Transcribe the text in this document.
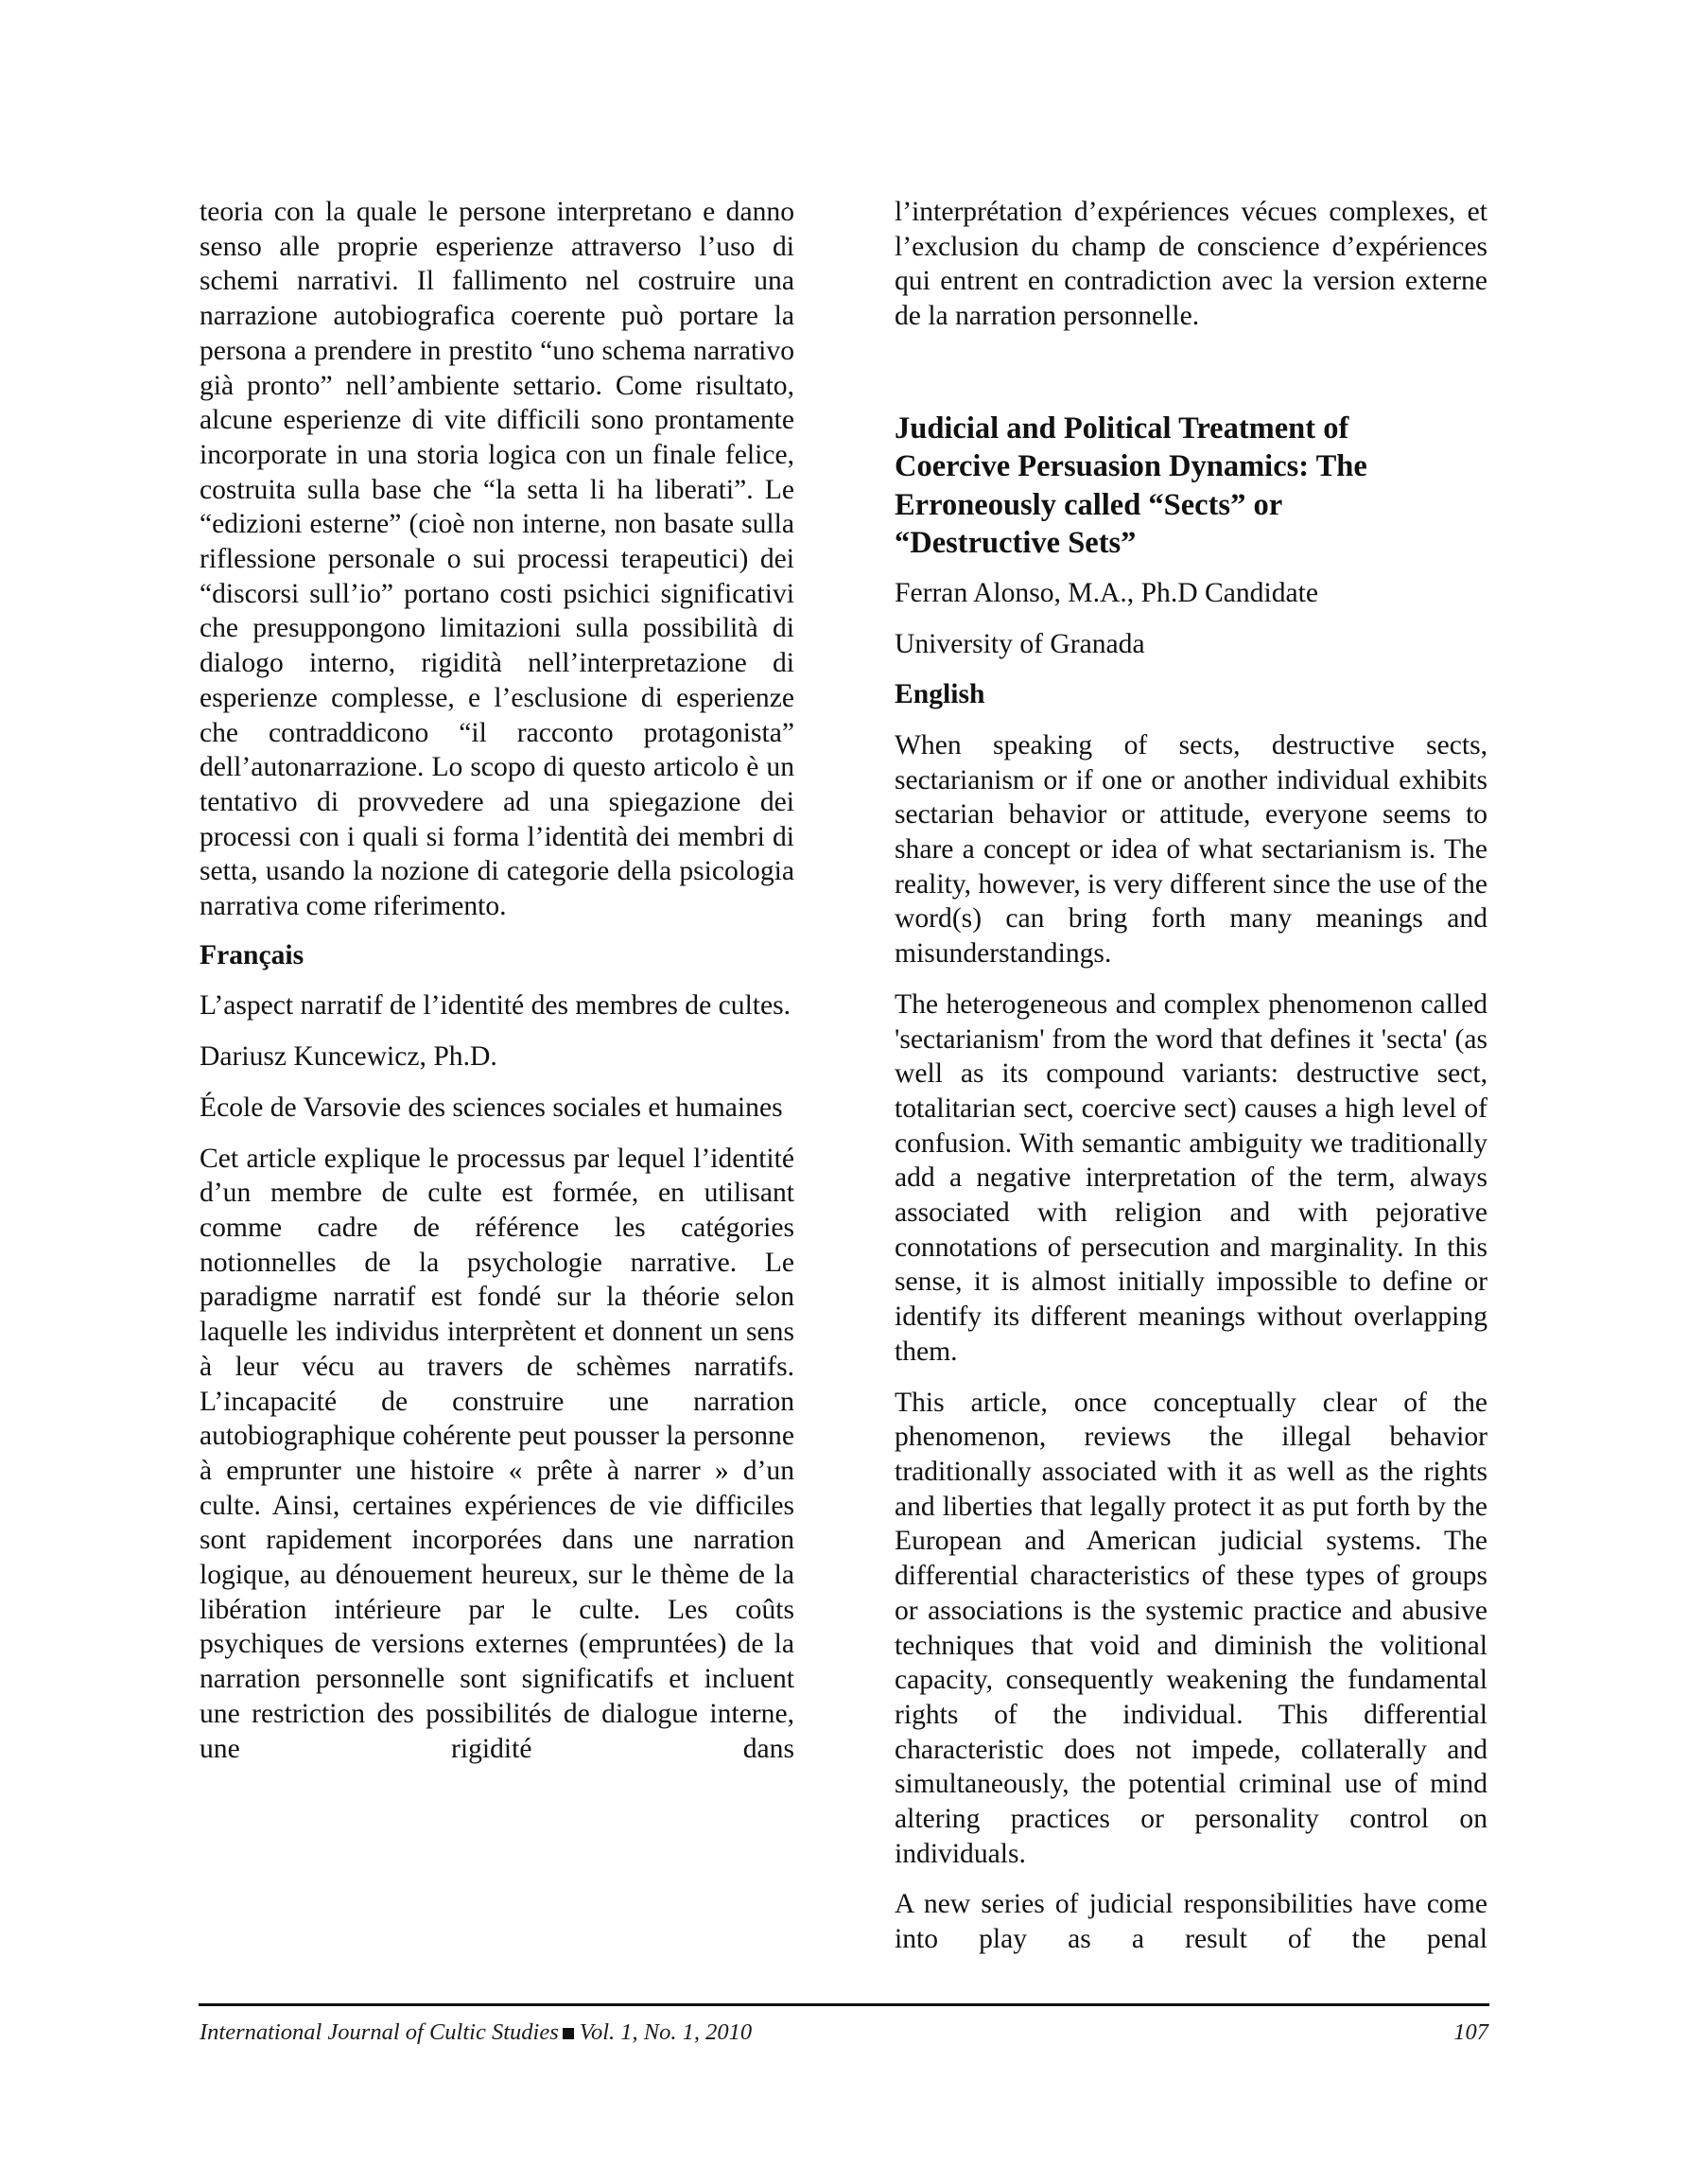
teoria con la quale le persone interpretano e danno senso alle proprie esperienze attraverso l’uso di schemi narrativi. Il fallimento nel costruire una narrazione autobiografica coerente può portare la persona a prendere in prestito “uno schema narrativo già pronto” nell’ambiente settario. Come risultato, alcune esperienze di vite difficili sono prontamente incorporate in una storia logica con un finale felice, costruita sulla base che “la setta li ha liberati”. Le “edizioni esterne” (cioè non interne, non basate sulla riflessione personale o sui processi terapeutici) dei “discorsi sull’io” portano costi psichici significativi che presuppongono limitazioni sulla possibilità di dialogo interno, rigidità nell’interpretazione di esperienze complesse, e l’esclusione di esperienze che contraddicono “il racconto protagonista” dell’autonarrazione. Lo scopo di questo articolo è un tentativo di provvedere ad una spiegazione dei processi con i quali si forma l’identità dei membri di setta, usando la nozione di categorie della psicologia narrativa come riferimento.

Français

L’aspect narratif de l’identité des membres de cultes.

Dariusz Kuncewicz, Ph.D.

École de Varsovie des sciences sociales et humaines

Cet article explique le processus par lequel l’identité d’un membre de culte est formée, en utilisant comme cadre de référence les catégories notionnelles de la psychologie narrative. Le paradigme narratif est fondé sur la théorie selon laquelle les individus interprètent et donnent un sens à leur vécu au travers de schèmes narratifs. L’incapacité de construire une narration autobiographique cohérente peut pousser la personne à emprunter une histoire « prête à narrer » d’un culte. Ainsi, certaines expériences de vie difficiles sont rapidement incorporées dans une narration logique, au dénouement heureux, sur le thème de la libération intérieure par le culte. Les coûts psychiques de versions externes (empruntées) de la narration personnelle sont significatifs et incluent une restriction des possibilités de dialogue interne, une rigidité dans

l’interprétation d’expériences vécues complexes, et l’exclusion du champ de conscience d’expériences qui entrent en contradiction avec la version externe de la narration personnelle.

Judicial and Political Treatment of
Coercive Persuasion Dynamics: The
Erroneously called “Sects” or
“Destructive Sets”

Ferran Alonso, M.A., Ph.D Candidate

University of Granada

English

When speaking of sects, destructive sects, sectarianism or if one or another individual exhibits sectarian behavior or attitude, everyone seems to share a concept or idea of what sectarianism is. The reality, however, is very different since the use of the word(s) can bring forth many meanings and misunderstandings.

The heterogeneous and complex phenomenon called 'sectarianism' from the word that defines it 'secta' (as well as its compound variants: destructive sect, totalitarian sect, coercive sect) causes a high level of confusion. With semantic ambiguity we traditionally add a negative interpretation of the term, always associated with religion and with pejorative connotations of persecution and marginality. In this sense, it is almost initially impossible to define or identify its different meanings without overlapping them.

This article, once conceptually clear of the phenomenon, reviews the illegal behavior traditionally associated with it as well as the rights and liberties that legally protect it as put forth by the European and American judicial systems. The differential characteristics of these types of groups or associations is the systemic practice and abusive techniques that void and diminish the volitional capacity, consequently weakening the fundamental rights of the individual. This differential characteristic does not impede, collaterally and simultaneously, the potential criminal use of mind altering practices or personality control on individuals.

A new series of judicial responsibilities have come into play as a result of the penal

International Journal of Cultic Studies Vol. 1, No. 1, 2010	107
